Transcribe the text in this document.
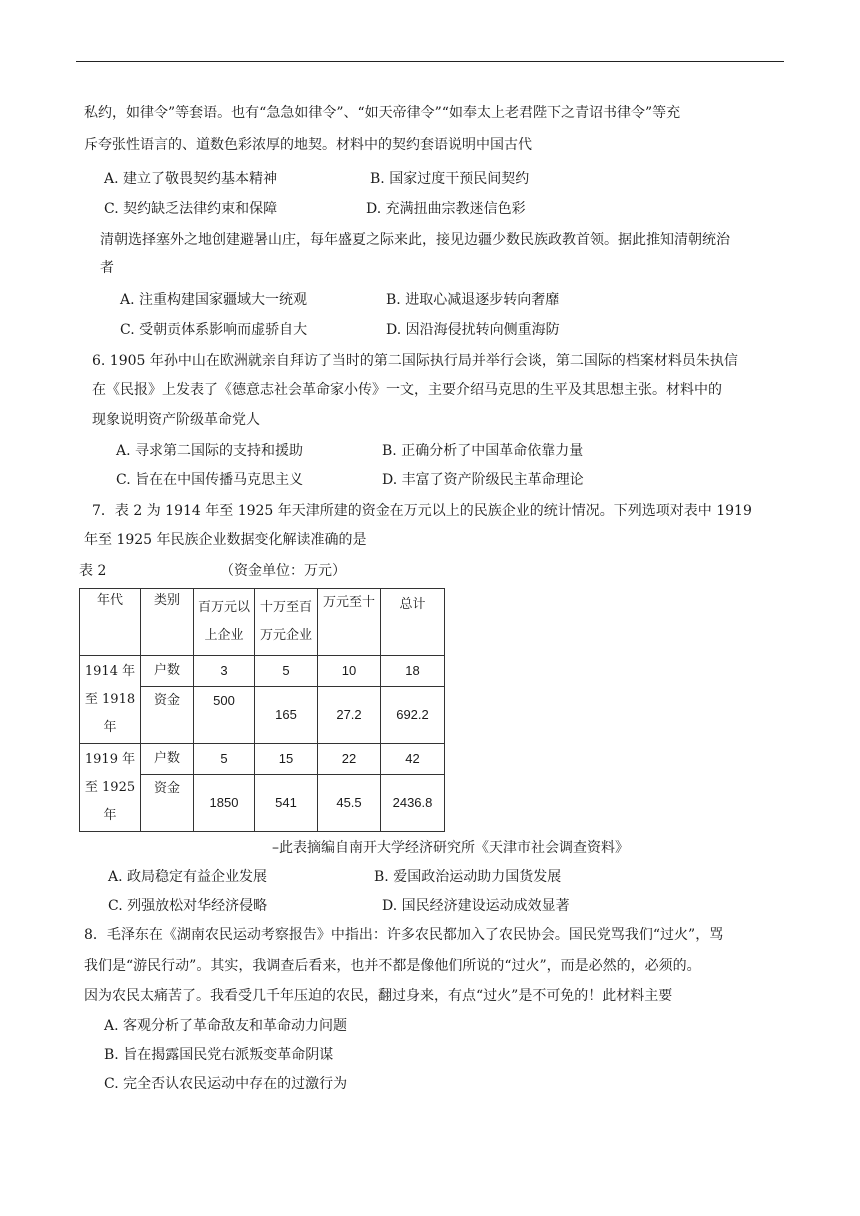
私约，如律令”等套语。也有“急急如律令”、“如天帝律令”“如奉太上老君陛下之青诏书律令”等充
斥夸张性语言的、道数色彩浓厚的地契。材料中的契约套语说明中国古代
A. 建立了敬畏契约基本精神	B. 国家过度干预民间契约
C. 契约缺乏法律约束和保障	D. 充满扭曲宗教迷信色彩
清朝选择塞外之地创建避暑山庄，每年盛夏之际来此，接见边疆少数民族政教首领。据此推知清朝统治
者
A. 注重构建国家疆域大一统观	B. 进取心减退逐步转向奢靡
C. 受朝贡体系影响而虚骄自大	D. 因沿海侵扰转向侧重海防
6. 1905 年孙中山在欧洲就亲自拜访了当时的第二国际执行局并举行会谈，第二国际的档案材料员朱执信
在《民报》上发表了《德意志社会革命家小传》一文，主要介绍马克思的生平及其思想主张。材料中的
现象说明资产阶级革命党人
A. 寻求第二国际的支持和援助	B. 正确分析了中国革命依靠力量
C. 旨在在中国传播马克思主义	D. 丰富了资产阶级民主革命理论
7．表 2 为 1914 年至 1925 年天津所建的资金在万元以上的民族企业的统计情况。下列选项对表中 1919
年至 1925 年民族企业数据变化解读准确的是
表 2	（资金单位：万元）
年代	类别	百万元以上企业	十万至百万元企业	万元至十	总计
1914 年至 1918 年	户数	3	5	10	18
	资金	500	165	27.2	692.2
1919 年至 1925 年	户数	5	15	22	42
	资金	1850	541	45.5	2436.8
–此表摘编自南开大学经济研究所《天津市社会调查资料》
A. 政局稳定有益企业发展	B. 爱国政治运动助力国货发展
C. 列强放松对华经济侵略	D. 国民经济建设运动成效显著
8．毛泽东在《湖南农民运动考察报告》中指出：许多农民都加入了农民协会。国民党骂我们“过火”，骂
我们是“游民行动”。其实，我调查后看来，也并不都是像他们所说的“过火”，而是必然的，必须的。
因为农民太痛苦了。我看受几千年压迫的农民，翻过身来，有点“过火”是不可免的！此材料主要
A. 客观分析了革命敌友和革命动力问题
B. 旨在揭露国民党右派叛变革命阴谋
C. 完全否认农民运动中存在的过激行为
